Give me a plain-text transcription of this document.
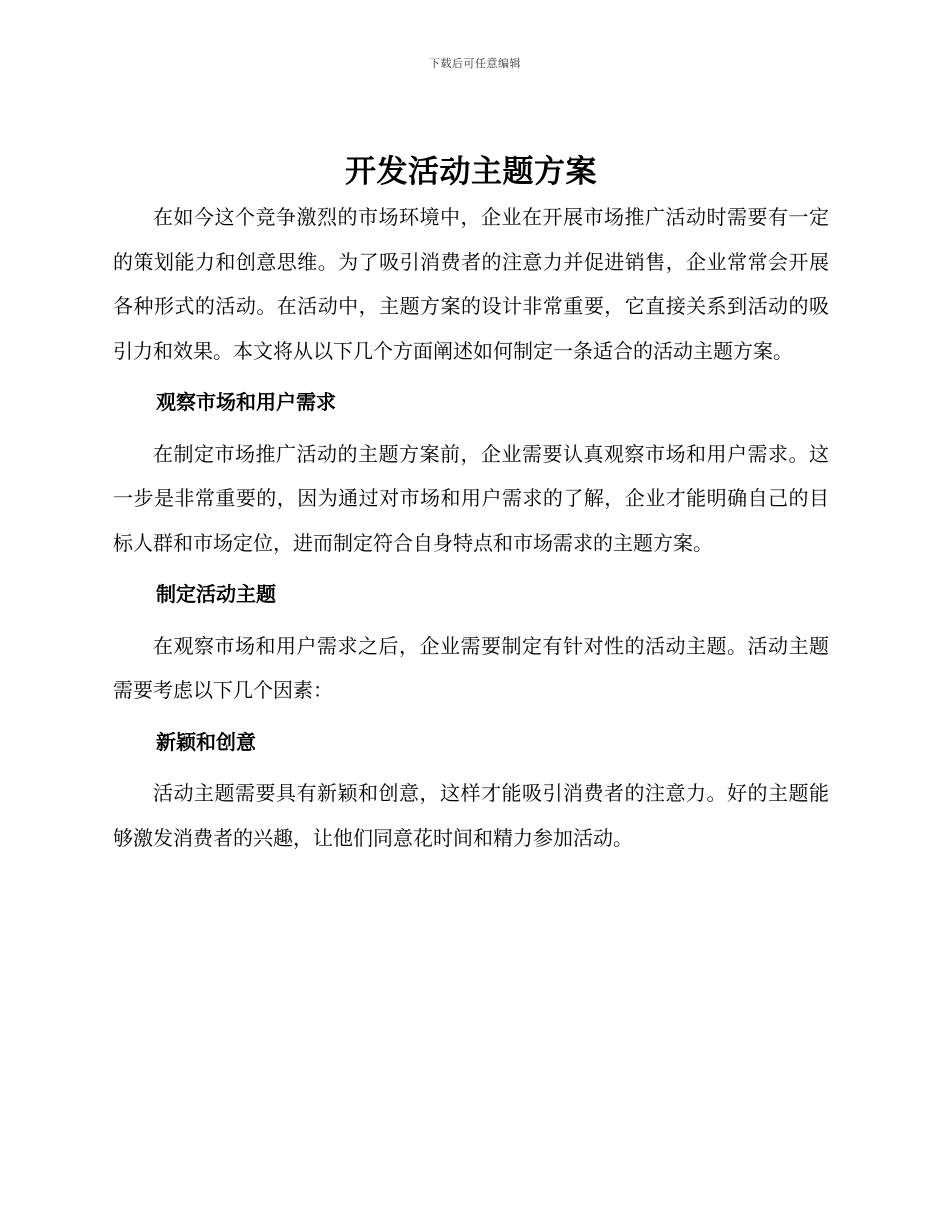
下载后可任意编辑
开发活动主题方案

在如今这个竞争激烈的市场环境中，企业在开展市场推广活动时需要有一定的策划能力和创意思维。为了吸引消费者的注意力并促进销售，企业常常会开展各种形式的活动。在活动中，主题方案的设计非常重要，它直接关系到活动的吸引力和效果。本文将从以下几个方面阐述如何制定一条适合的活动主题方案。

观察市场和用户需求

在制定市场推广活动的主题方案前，企业需要认真观察市场和用户需求。这一步是非常重要的，因为通过对市场和用户需求的了解，企业才能明确自己的目标人群和市场定位，进而制定符合自身特点和市场需求的主题方案。

制定活动主题

在观察市场和用户需求之后，企业需要制定有针对性的活动主题。活动主题需要考虑以下几个因素：

新颖和创意

活动主题需要具有新颖和创意，这样才能吸引消费者的注意力。好的主题能够激发消费者的兴趣，让他们同意花时间和精力参加活动。
